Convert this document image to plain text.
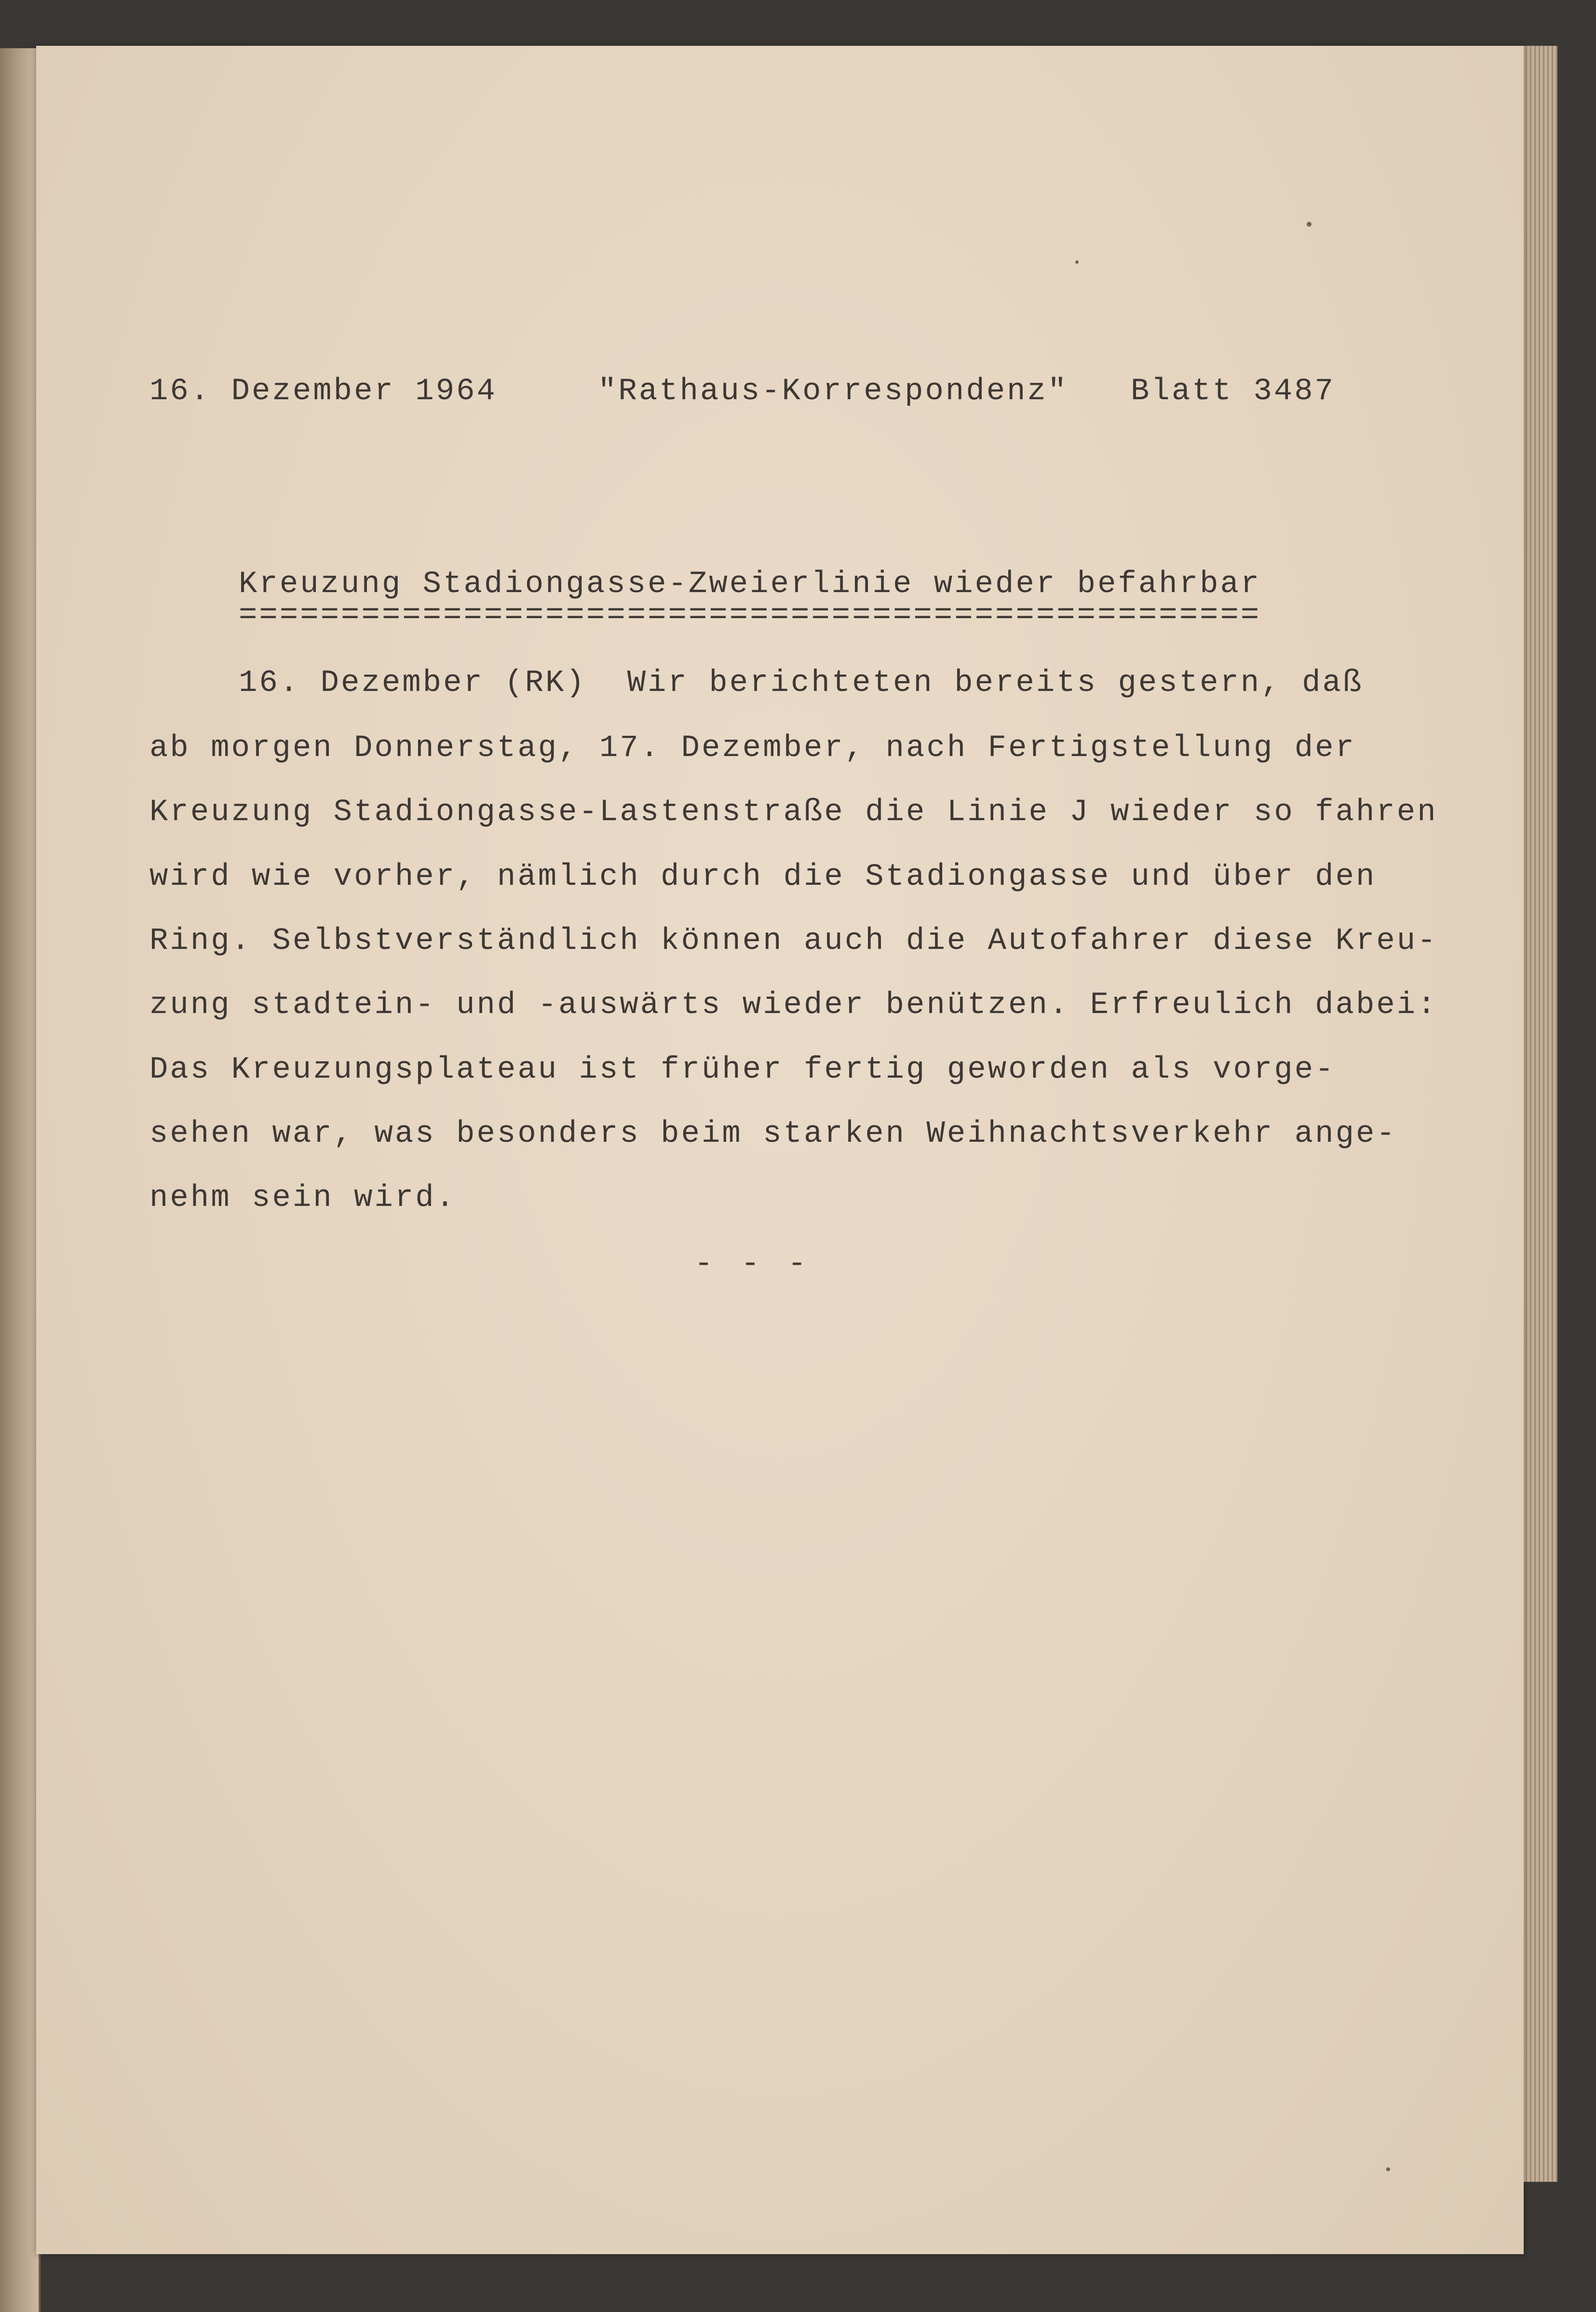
16. Dezember 1964	"Rathaus-Korrespondenz" Blatt 3487
Kreuzung Stadiongasse-Zweierlinie wieder befahrbar
==================================================
16. Dezember (RK)  Wir berichteten bereits gestern, daß
ab morgen Donnerstag, 17. Dezember, nach Fertigstellung der
Kreuzung Stadiongasse-Lastenstraße die Linie J wieder so fahren
wird wie vorher, nämlich durch die Stadiongasse und über den
Ring. Selbstverständlich können auch die Autofahrer diese Kreu-
zung stadtein- und -auswärts wieder benützen. Erfreulich dabei:
Das Kreuzungsplateau ist früher fertig geworden als vorge-
sehen war, was besonders beim starken Weihnachtsverkehr ange-
nehm sein wird.
- - -
